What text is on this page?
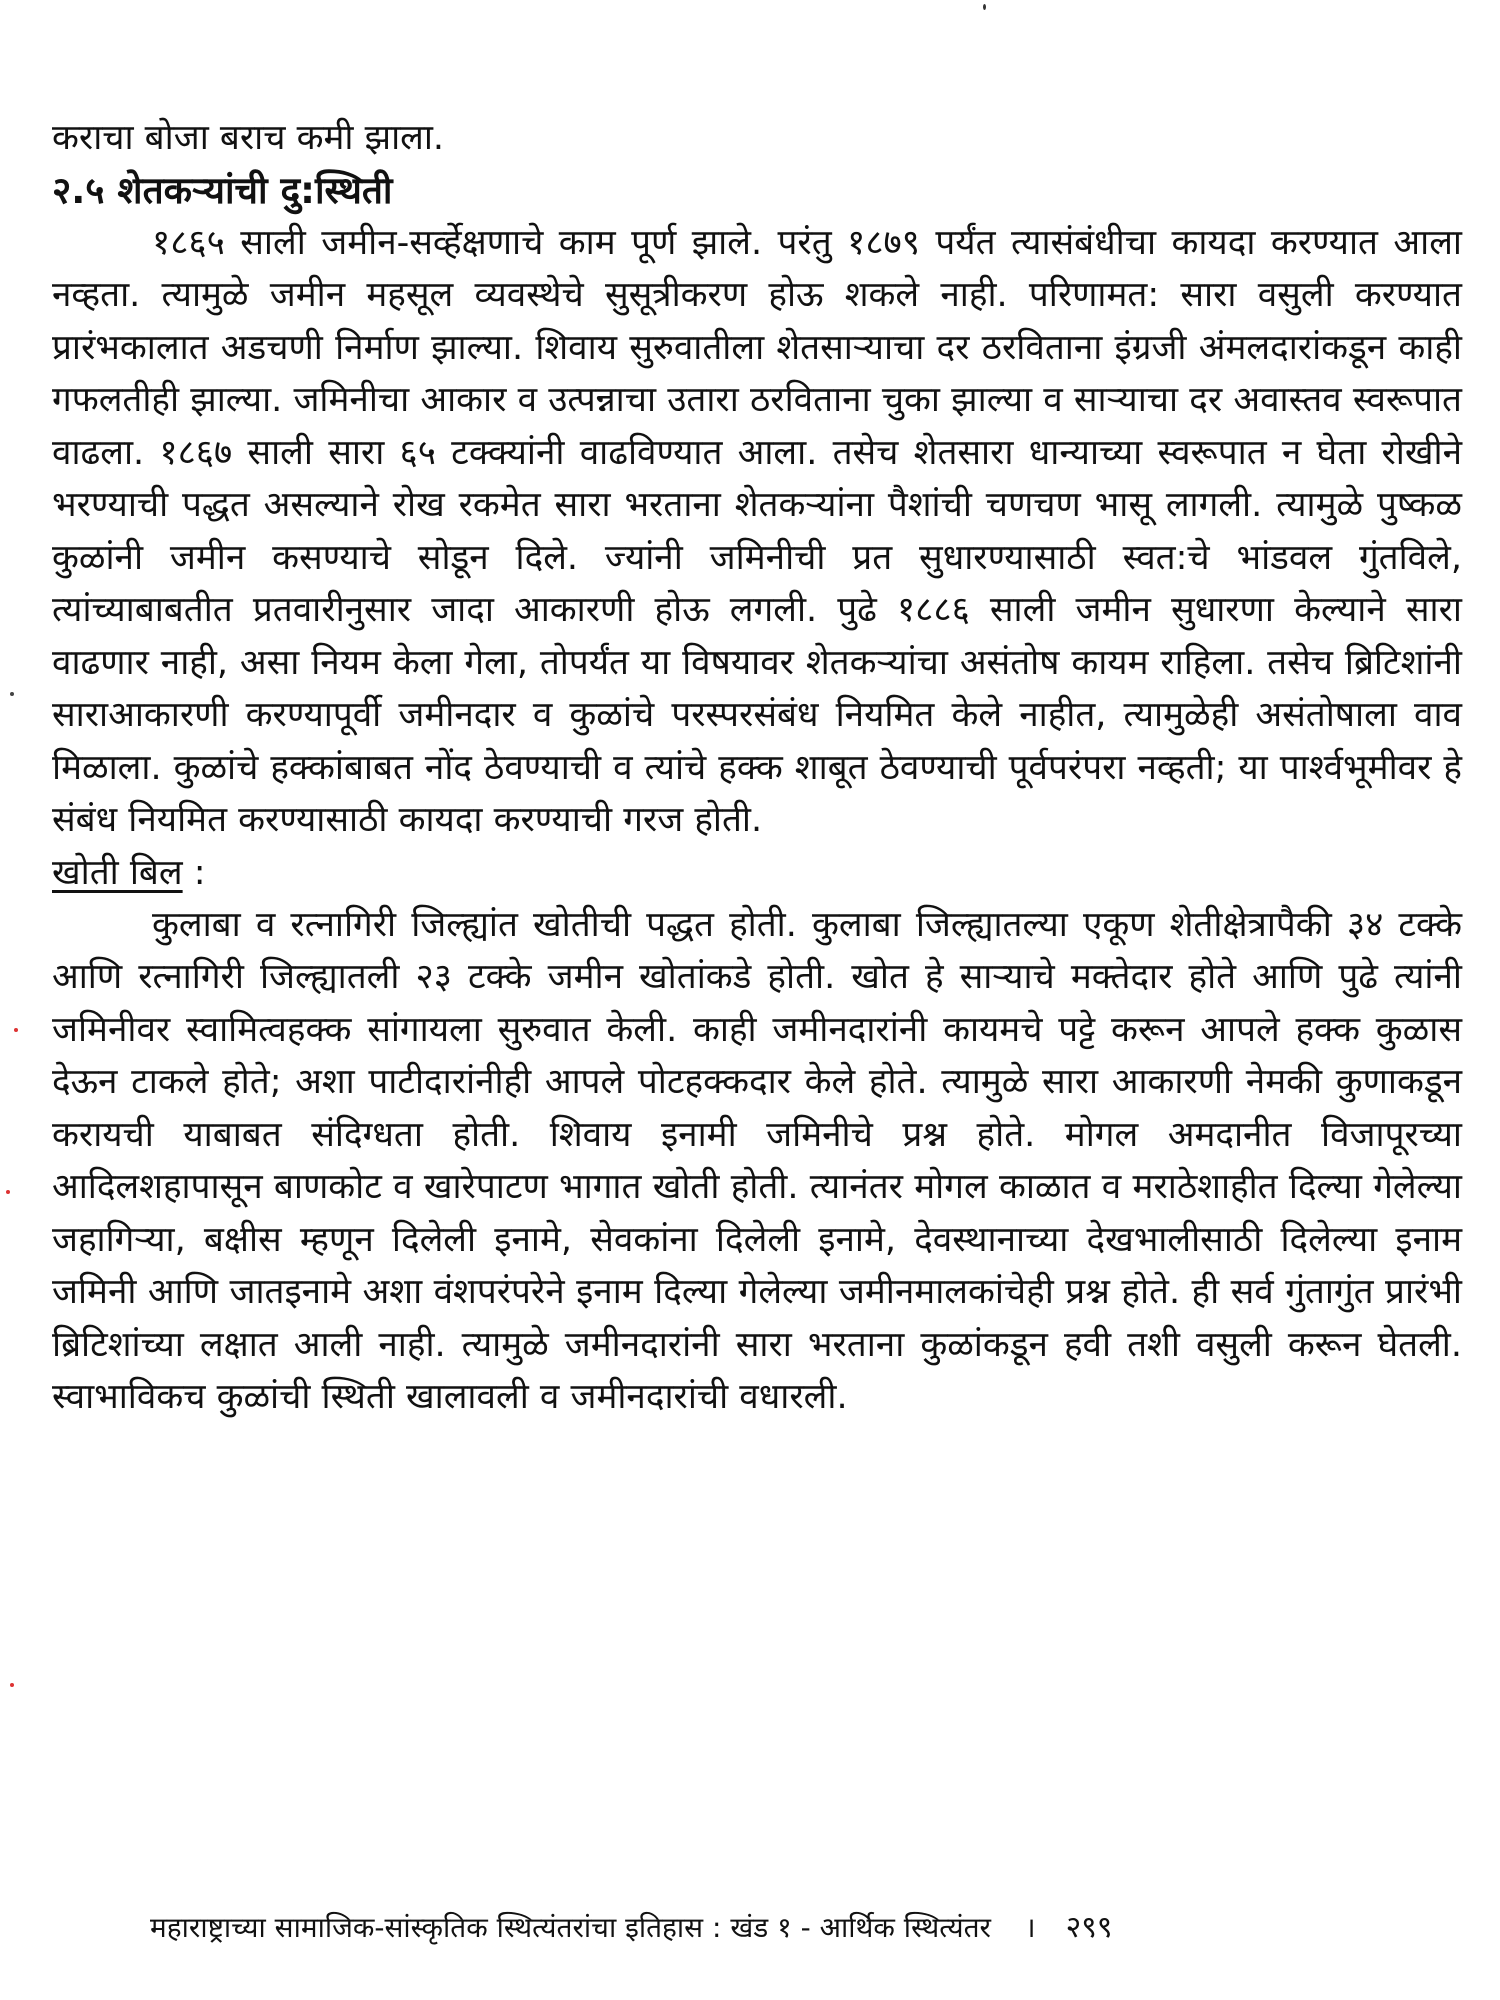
कराचा बोजा बराच कमी झाला.

२.५ शेतकऱ्यांची दु:स्थिती

१८६५ साली जमीन-सर्व्हेक्षणाचे काम पूर्ण झाले. परंतु १८७९ पर्यंत त्यासंबंधीचा कायदा करण्यात आला नव्हता. त्यामुळे जमीन महसूल व्यवस्थेचे सुसूत्रीकरण होऊ शकले नाही. परिणामत: सारा वसुली करण्यात प्रारंभकालात अडचणी निर्माण झाल्या. शिवाय सुरुवातीला शेतसाऱ्याचा दर ठरविताना इंग्रजी अंमलदारांकडून काही गफलतीही झाल्या. जमिनीचा आकार व उत्पन्नाचा उतारा ठरविताना चुका झाल्या व साऱ्याचा दर अवास्तव स्वरूपात वाढला. १८६७ साली सारा ६५ टक्क्यांनी वाढविण्यात आला. तसेच शेतसारा धान्याच्या स्वरूपात न घेता रोखीने भरण्याची पद्धत असल्याने रोख रकमेत सारा भरताना शेतकऱ्यांना पैशांची चणचण भासू लागली. त्यामुळे पुष्कळ कुळांनी जमीन कसण्याचे सोडून दिले. ज्यांनी जमिनीची प्रत सुधारण्यासाठी स्वत:चे भांडवल गुंतविले, त्यांच्याबाबतीत प्रतवारीनुसार जादा आकारणी होऊ लगली. पुढे १८८६ साली जमीन सुधारणा केल्याने सारा वाढणार नाही, असा नियम केला गेला, तोपर्यंत या विषयावर शेतकऱ्यांचा असंतोष कायम राहिला. तसेच ब्रिटिशांनी साराआकारणी करण्यापूर्वी जमीनदार व कुळांचे परस्परसंबंध नियमित केले नाहीत, त्यामुळेही असंतोषाला वाव मिळाला. कुळांचे हक्कांबाबत नोंद ठेवण्याची व त्यांचे हक्क शाबूत ठेवण्याची पूर्वपरंपरा नव्हती; या पार्श्वभूमीवर हे संबंध नियमित करण्यासाठी कायदा करण्याची गरज होती.

खोती बिल :

कुलाबा व रत्नागिरी जिल्ह्यांत खोतीची पद्धत होती. कुलाबा जिल्ह्यातल्या एकूण शेतीक्षेत्रापैकी ३४ टक्के आणि रत्नागिरी जिल्ह्यातली २३ टक्के जमीन खोतांकडे होती. खोत हे साऱ्याचे मक्तेदार होते आणि पुढे त्यांनी जमिनीवर स्वामित्वहक्क सांगायला सुरुवात केली. काही जमीनदारांनी कायमचे पट्टे करून आपले हक्क कुळास देऊन टाकले होते; अशा पाटीदारांनीही आपले पोटहक्कदार केले होते. त्यामुळे सारा आकारणी नेमकी कुणाकडून करायची याबाबत संदिग्धता होती. शिवाय इनामी जमिनीचे प्रश्न होते. मोगल अमदानीत विजापूरच्या आदिलशहापासून बाणकोट व खारेपाटण भागात खोती होती. त्यानंतर मोगल काळात व मराठेशाहीत दिल्या गेलेल्या जहागिऱ्या, बक्षीस म्हणून दिलेली इनामे, सेवकांना दिलेली इनामे, देवस्थानाच्या देखभालीसाठी दिलेल्या इनाम जमिनी आणि जातइनामे अशा वंशपरंपरेने इनाम दिल्या गेलेल्या जमीनमालकांचेही प्रश्न होते. ही सर्व गुंतागुंत प्रारंभी ब्रिटिशांच्या लक्षात आली नाही. त्यामुळे जमीनदारांनी सारा भरताना कुळांकडून हवी तशी वसुली करून घेतली. स्वाभाविकच कुळांची स्थिती खालावली व जमीनदारांची वधारली.

महाराष्ट्राच्या सामाजिक-सांस्कृतिक स्थित्यंतरांचा इतिहास : खंड १ - आर्थिक स्थित्यंतर । २९९
